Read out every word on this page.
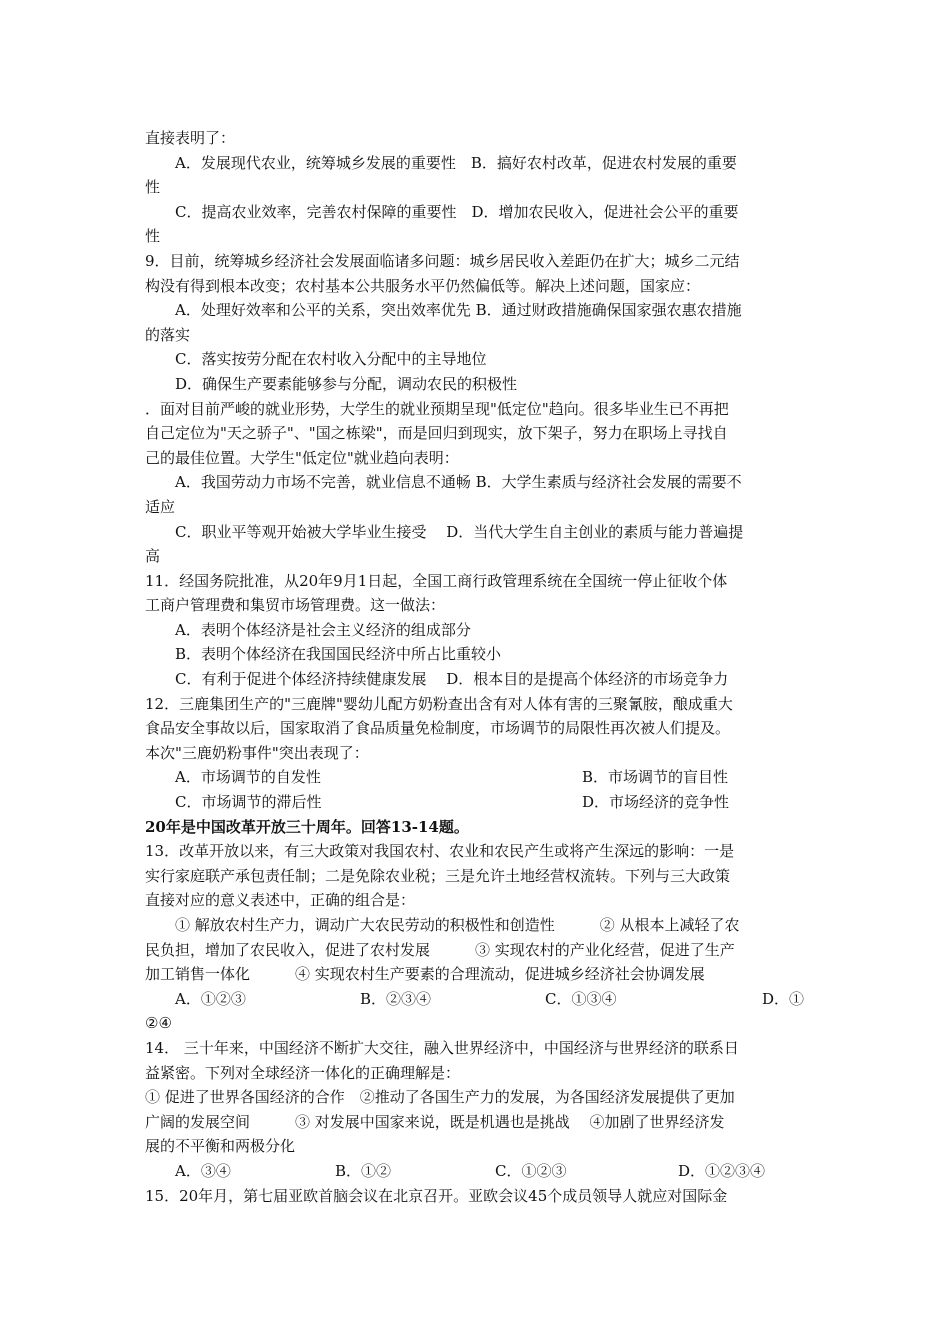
直接表明了：
A．发展现代农业，统筹城乡发展的重要性　B．搞好农村改革，促进农村发展的重要
性
C．提高农业效率，完善农村保障的重要性　D．增加农民收入，促进社会公平的重要
性
9．目前，统筹城乡经济社会发展面临诸多问题：城乡居民收入差距仍在扩大；城乡二元结
构没有得到根本改变；农村基本公共服务水平仍然偏低等。解决上述问题，国家应：
A．处理好效率和公平的关系，突出效率优先 B．通过财政措施确保国家强农惠农措施
的落实
C．落实按劳分配在农村收入分配中的主导地位
D．确保生产要素能够参与分配，调动农民的积极性
．面对目前严峻的就业形势，大学生的就业预期呈现"低定位"趋向。很多毕业生已不再把
自己定位为"天之骄子"、"国之栋梁"，而是回归到现实，放下架子，努力在职场上寻找自
己的最佳位置。大学生"低定位"就业趋向表明：
A．我国劳动力市场不完善，就业信息不通畅 B．大学生素质与经济社会发展的需要不
适应
C．职业平等观开始被大学毕业生接受　 D．当代大学生自主创业的素质与能力普遍提
高
11．经国务院批准，从20年9月1日起，全国工商行政管理系统在全国统一停止征收个体
工商户管理费和集贸市场管理费。这一做法：
A．表明个体经济是社会主义经济的组成部分
B．表明个体经济在我国国民经济中所占比重较小
C．有利于促进个体经济持续健康发展　 D．根本目的是提高个体经济的市场竞争力
12．三鹿集团生产的"三鹿牌"婴幼儿配方奶粉查出含有对人体有害的三聚氰胺，酿成重大
食品安全事故以后，国家取消了食品质量免检制度，市场调节的局限性再次被人们提及。
本次"三鹿奶粉事件"突出表现了：
A．市场调节的自发性	B．市场调节的盲目性
C．市场调节的滞后性	D．市场经济的竞争性
20年是中国改革开放三十周年。回答13-14题。
13．改革开放以来，有三大政策对我国农村、农业和农民产生或将产生深远的影响：一是
实行家庭联产承包责任制；二是免除农业税；三是允许土地经营权流转。下列与三大政策
直接对应的意义表述中，正确的组合是：
① 解放农村生产力，调动广大农民劳动的积极性和创造性　　　② 从根本上减轻了农
民负担，增加了农民收入，促进了农村发展　　　③ 实现农村的产业化经营，促进了生产
加工销售一体化　　　④ 实现农村生产要素的合理流动，促进城乡经济社会协调发展
A．①②③	B．②③④	C．①③④	D．①
②④
14． 三十年来，中国经济不断扩大交往，融入世界经济中，中国经济与世界经济的联系日
益紧密。下列对全球经济一体化的正确理解是：
① 促进了世界各国经济的合作　②推动了各国生产力的发展，为各国经济发展提供了更加
广阔的发展空间　　　③ 对发展中国家来说，既是机遇也是挑战　 ④加剧了世界经济发
展的不平衡和两极分化
A．③④	B．①②	C．①②③	D．①②③④
15．20年月，第七届亚欧首脑会议在北京召开。亚欧会议45个成员领导人就应对国际金
